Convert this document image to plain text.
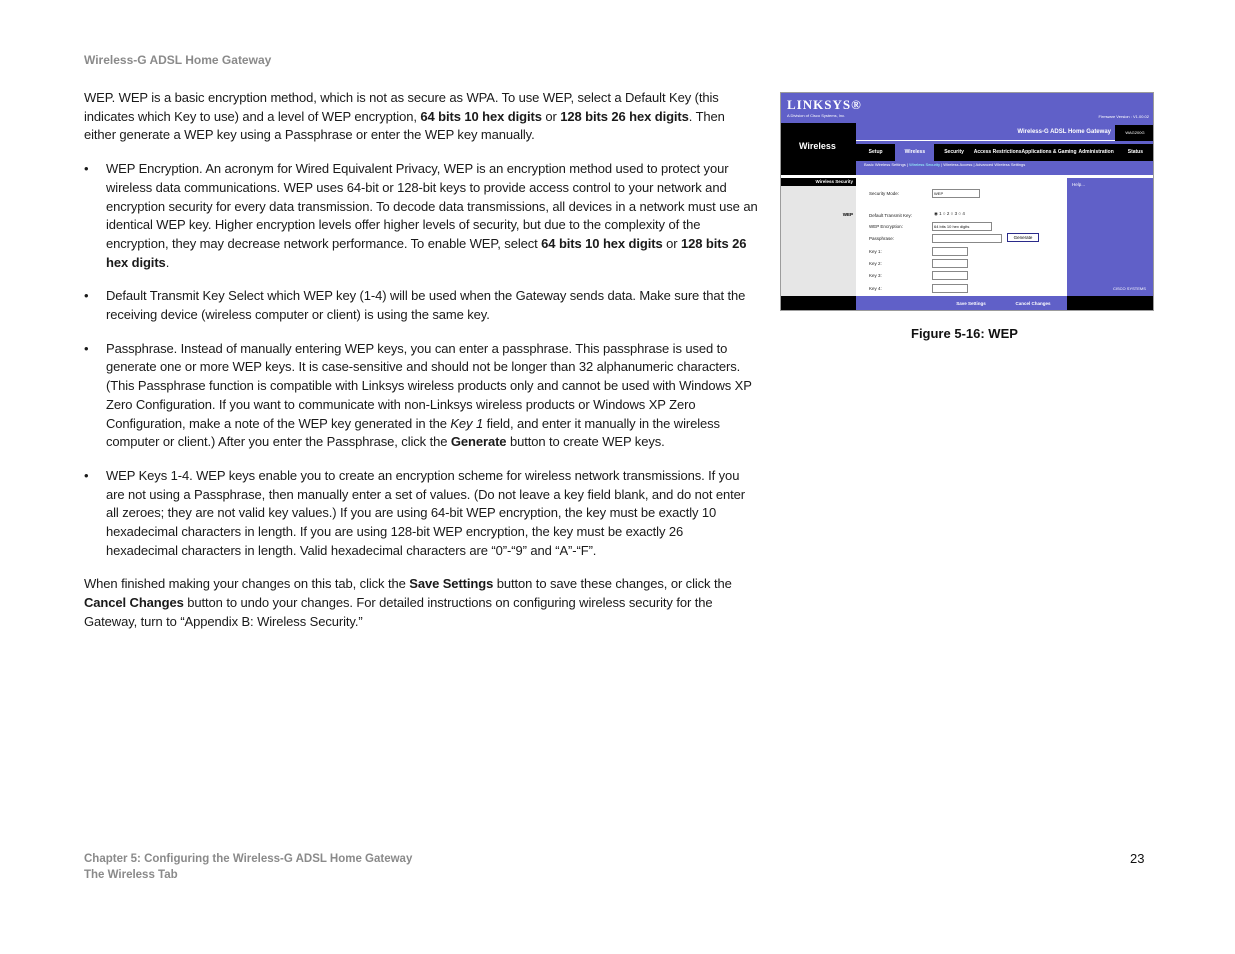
Wireless-G ADSL Home Gateway

WEP. WEP is a basic encryption method, which is not as secure as WPA. To use WEP, select a Default Key (this indicates which Key to use) and a level of WEP encryption, 64 bits 10 hex digits or 128 bits 26 hex digits. Then either generate a WEP key using a Passphrase or enter the WEP key manually.

• WEP Encryption. An acronym for Wired Equivalent Privacy, WEP is an encryption method used to protect your wireless data communications. WEP uses 64-bit or 128-bit keys to provide access control to your network and encryption security for every data transmission. To decode data transmissions, all devices in a network must use an identical WEP key. Higher encryption levels offer higher levels of security, but due to the complexity of the encryption, they may decrease network performance. To enable WEP, select 64 bits 10 hex digits or 128 bits 26 hex digits.
• Default Transmit Key Select which WEP key (1-4) will be used when the Gateway sends data. Make sure that the receiving device (wireless computer or client) is using the same key.
• Passphrase. Instead of manually entering WEP keys, you can enter a passphrase. This passphrase is used to generate one or more WEP keys. It is case-sensitive and should not be longer than 32 alphanumeric characters. (This Passphrase function is compatible with Linksys wireless products only and cannot be used with Windows XP Zero Configuration. If you want to communicate with non-Linksys wireless products or Windows XP Zero Configuration, make a note of the WEP key generated in the Key 1 field, and enter it manually in the wireless computer or client.) After you enter the Passphrase, click the Generate button to create WEP keys.
• WEP Keys 1-4. WEP keys enable you to create an encryption scheme for wireless network transmissions. If you are not using a Passphrase, then manually enter a set of values. (Do not leave a key field blank, and do not enter all zeroes; they are not valid key values.) If you are using 64-bit WEP encryption, the key must be exactly 10 hexadecimal characters in length. If you are using 128-bit WEP encryption, the key must be exactly 26 hexadecimal characters in length. Valid hexadecimal characters are “0”-“9” and “A”-“F”.

When finished making your changes on this tab, click the Save Settings button to save these changes, or click the Cancel Changes button to undo your changes. For detailed instructions on configuring wireless security for the Gateway, turn to “Appendix B: Wireless Security.”

LINKSYS®
A Division of Cisco Systems, Inc.	Firmware Version : V1.00.02
Wireless
Wireless-G ADSL Home Gateway	WAG200G
Setup	Wireless	Security	Access Restrictions Applications & Gaming Administration	Status
Basic Wireless Settings | Wireless Security | Wireless Access | Advanced Wireless Settings
Wireless Security
WEP
Security Mode:	WEP
Default Transmit Key:	◉ 1 ○ 2 ○ 3 ○ 4
WEP Encryption:	64 bits 10 hex digits
Passphrase:	Generate
Key 1:
Key 2:
Key 3:
Key 4:
Help...
CISCO SYSTEMS
Save Settings	Cancel Changes
Figure 5-16: WEP
Chapter 5: Configuring the Wireless-G ADSL Home Gateway
The Wireless Tab
23
